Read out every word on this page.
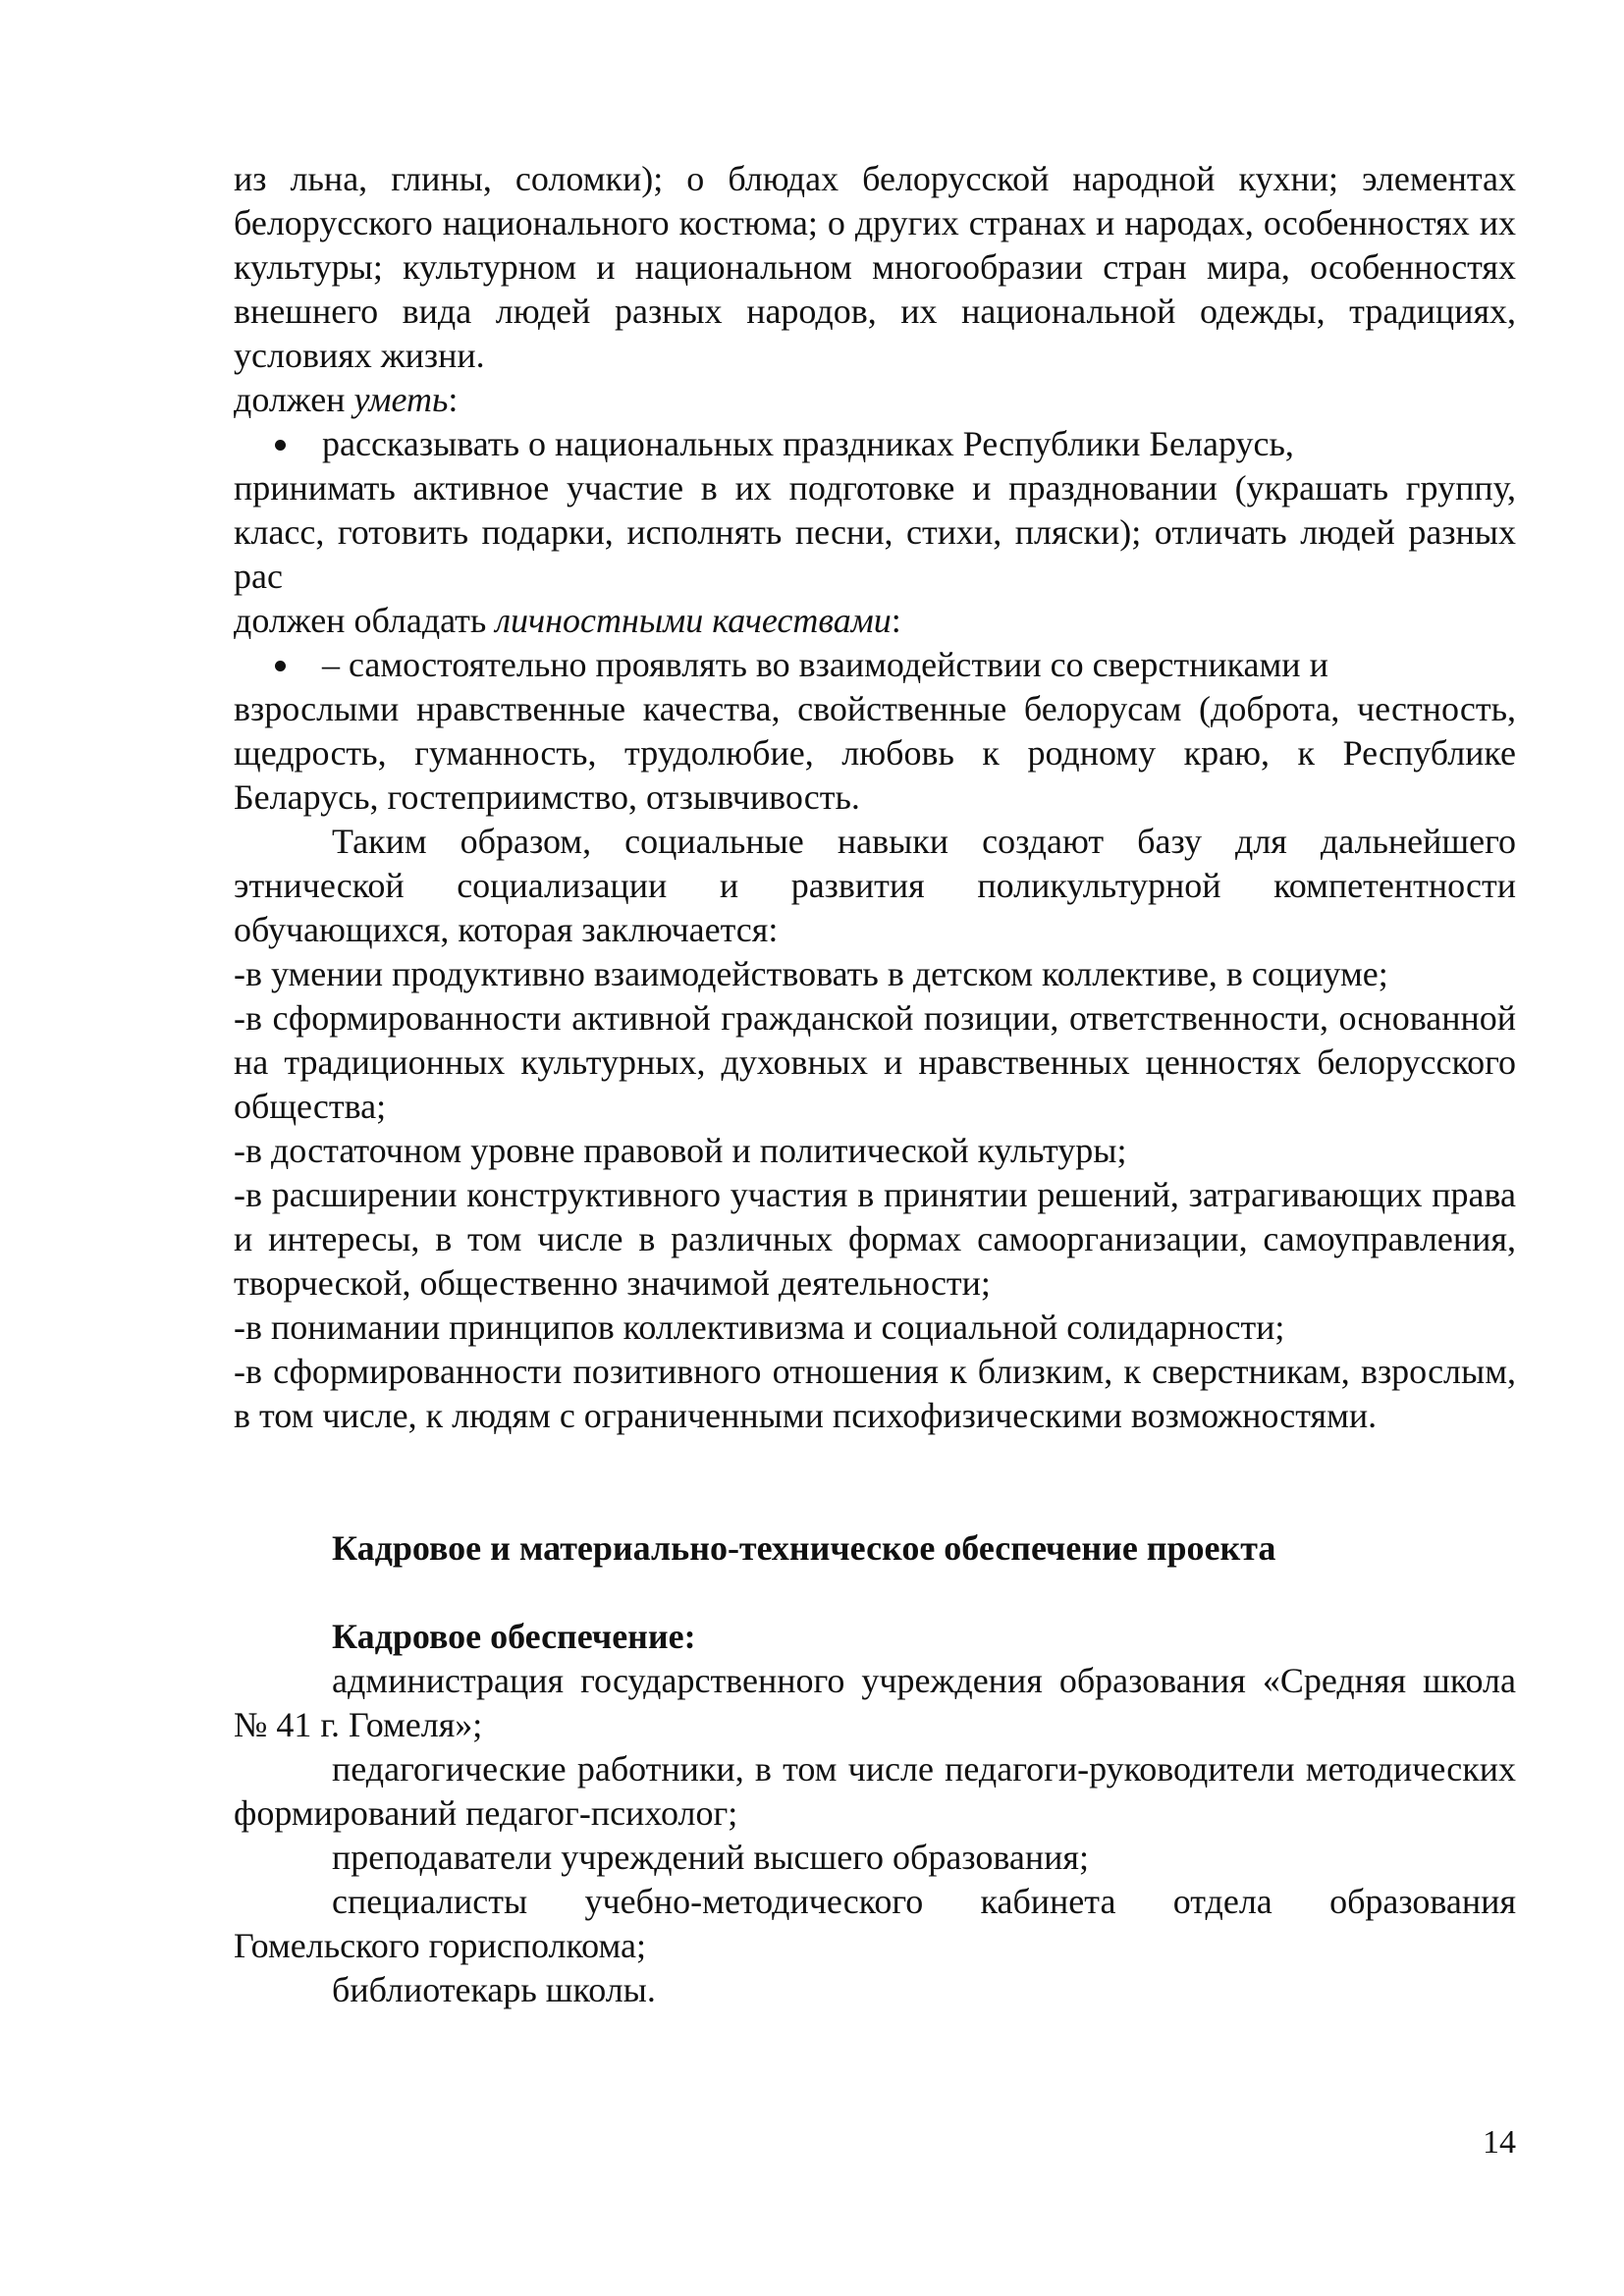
из льна, глины, соломки); о блюдах белорусской народной кухни; элементах белорусского национального костюма; о других странах и народах, особенностях их культуры; культурном и национальном многообразии стран мира, особенностях внешнего вида людей разных народов, их национальной одежды, традициях, условиях жизни.

должен уметь:

рассказывать о национальных праздниках Республики Беларусь,
принимать активное участие в их подготовке и праздновании (украшать группу, класс, готовить подарки, исполнять песни, стихи, пляски); отличать людей разных рас

должен обладать личностными качествами:

– самостоятельно проявлять во взаимодействии со сверстниками и
взрослыми нравственные качества, свойственные белорусам (доброта, честность, щедрость, гуманность, трудолюбие, любовь к родному краю, к Республике Беларусь, гостеприимство, отзывчивость.

Таким образом, социальные навыки создают базу для дальнейшего этнической социализации и развития поликультурной компетентности обучающихся, которая заключается:

-в умении продуктивно взаимодействовать в детском коллективе, в социуме;

-в сформированности активной гражданской позиции, ответственности, основанной на традиционных культурных, духовных и нравственных ценностях белорусского общества;

-в достаточном уровне правовой и политической культуры;

-в расширении конструктивного участия в принятии решений, затрагивающих права и интересы, в том числе в различных формах самоорганизации, самоуправления, творческой, общественно значимой деятельности;

-в понимании принципов коллективизма и социальной солидарности;

-в сформированности позитивного отношения к близким, к сверстникам, взрослым, в том числе, к людям с ограниченными психофизическими возможностями.

Кадровое и материально-техническое обеспечение проекта

Кадровое обеспечение:

администрация государственного учреждения образования «Средняя школа № 41 г. Гомеля»;

педагогические работники, в том числе педагоги-руководители методических формирований педагог-психолог;

преподаватели учреждений высшего образования;

специалисты учебно-методического кабинета отдела образования Гомельского горисполкома;

библиотекарь школы.

14
